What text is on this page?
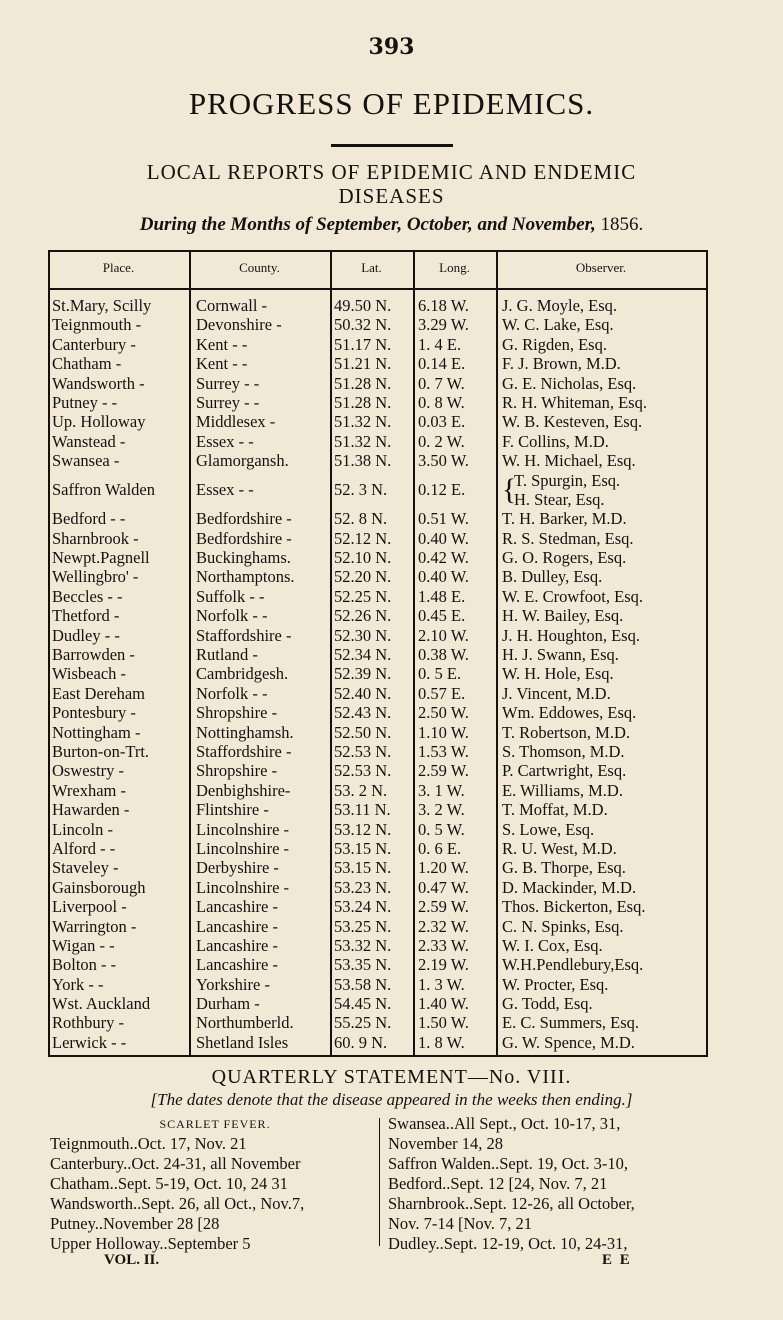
393
PROGRESS OF EPIDEMICS.
LOCAL REPORTS OF EPIDEMIC AND ENDEMIC
DISEASES
During the Months of September, October, and November, 1856.
Place.	County.	Lat.	Long.	Observer.
St.Mary, Scilly	Cornwall -	49.50 N.	6.18 W.	J. G. Moyle, Esq.
Teignmouth -	Devonshire -	50.32 N.	3.29 W.	W. C. Lake, Esq.
Canterbury -	Kent - -	51.17 N.	1. 4 E.	G. Rigden, Esq.
Chatham -	Kent - -	51.21 N.	0.14 E.	F. J. Brown, M.D.
Wandsworth -	Surrey - -	51.28 N.	0. 7 W.	G. E. Nicholas, Esq.
Putney - -	Surrey - -	51.28 N.	0. 8 W.	R. H. Whiteman, Esq.
Up. Holloway	Middlesex -	51.32 N.	0.03 E.	W. B. Kesteven, Esq.
Wanstead -	Essex - -	51.32 N.	0. 2 W.	F. Collins, M.D.
Swansea -	Glamorgansh.	51.38 N.	3.50 W.	W. H. Michael, Esq.
Saffron Walden	Essex - -	52. 3 N.	0.12 E.	{
T. Spurgin, Esq.
H. Stear, Esq.
Bedford - -	Bedfordshire -	52. 8 N.	0.51 W.	T. H. Barker, M.D.
Sharnbrook -	Bedfordshire -	52.12 N.	0.40 W.	R. S. Stedman, Esq.
Newpt.Pagnell	Buckinghams.	52.10 N.	0.42 W.	G. O. Rogers, Esq.
Wellingbro' -	Northamptons.	52.20 N.	0.40 W.	B. Dulley, Esq.
Beccles - -	Suffolk - -	52.25 N.	1.48 E.	W. E. Crowfoot, Esq.
Thetford -	Norfolk - -	52.26 N.	0.45 E.	H. W. Bailey, Esq.
Dudley - -	Staffordshire -	52.30 N.	2.10 W.	J. H. Houghton, Esq.
Barrowden -	Rutland -	52.34 N.	0.38 W.	H. J. Swann, Esq.
Wisbeach -	Cambridgesh.	52.39 N.	0. 5 E.	W. H. Hole, Esq.
East Dereham	Norfolk - -	52.40 N.	0.57 E.	J. Vincent, M.D.
Pontesbury -	Shropshire -	52.43 N.	2.50 W.	Wm. Eddowes, Esq.
Nottingham -	Nottinghamsh.	52.50 N.	1.10 W.	T. Robertson, M.D.
Burton-on-Trt.	Staffordshire -	52.53 N.	1.53 W.	S. Thomson, M.D.
Oswestry -	Shropshire -	52.53 N.	2.59 W.	P. Cartwright, Esq.
Wrexham -	Denbighshire-	53. 2 N.	3. 1 W.	E. Williams, M.D.
Hawarden -	Flintshire -	53.11 N.	3. 2 W.	T. Moffat, M.D.
Lincoln -	Lincolnshire -	53.12 N.	0. 5 W.	S. Lowe, Esq.
Alford - -	Lincolnshire -	53.15 N.	0. 6 E.	R. U. West, M.D.
Staveley -	Derbyshire -	53.15 N.	1.20 W.	G. B. Thorpe, Esq.
Gainsborough	Lincolnshire -	53.23 N.	0.47 W.	D. Mackinder, M.D.
Liverpool -	Lancashire -	53.24 N.	2.59 W.	Thos. Bickerton, Esq.
Warrington -	Lancashire -	53.25 N.	2.32 W.	C. N. Spinks, Esq.
Wigan - -	Lancashire -	53.32 N.	2.33 W.	W. I. Cox, Esq.
Bolton - -	Lancashire -	53.35 N.	2.19 W.	W.H.Pendlebury,Esq.
York - -	Yorkshire -	53.58 N.	1. 3 W.	W. Procter, Esq.
Wst. Auckland	Durham -	54.45 N.	1.40 W.	G. Todd, Esq.
Rothbury -	Northumberld.	55.25 N.	1.50 W.	E. C. Summers, Esq.
Lerwick - -	Shetland Isles	60. 9 N.	1. 8 W.	G. W. Spence, M.D.
QUARTERLY STATEMENT—No. VIII.
[The dates denote that the disease appeared in the weeks then ending.]
SCARLET FEVER.
Teignmouth..Oct. 17, Nov. 21
Canterbury..Oct. 24-31, all November
Chatham..Sept. 5-19, Oct. 10, 24 31
Wandsworth..Sept. 26, all Oct., Nov.7,
Putney..November 28 [28
Upper Holloway..September 5
Swansea..All Sept., Oct. 10-17, 31,
November 14, 28
Saffron Walden..Sept. 19, Oct. 3-10,
Bedford..Sept. 12 [24, Nov. 7, 21
Sharnbrook..Sept. 12-26, all October,
Nov. 7-14 [Nov. 7, 21
Dudley..Sept. 12-19, Oct. 10, 24-31,
VOL. II.	E E
